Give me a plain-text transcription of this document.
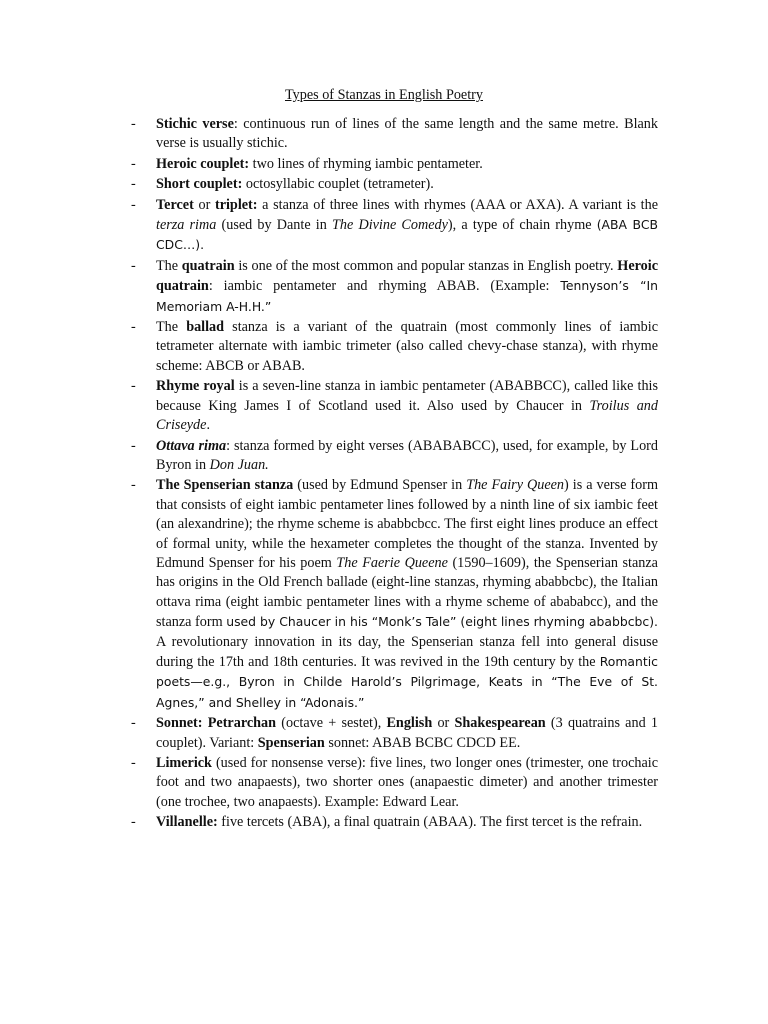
Types of Stanzas in English Poetry
- Stichic verse: continuous run of lines of the same length and the same metre. Blank verse is usually stichic.
- Heroic couplet: two lines of rhyming iambic pentameter.
- Short couplet: octosyllabic couplet (tetrameter).
- Tercet or triplet: a stanza of three lines with rhymes (AAA or AXA). A variant is the terza rima (used by Dante in The Divine Comedy), a type of chain rhyme (ABA BCB CDC…).
- The quatrain is one of the most common and popular stanzas in English poetry. Heroic quatrain: iambic pentameter and rhyming ABAB. (Example: Tennyson’s “In Memoriam A-H.H.”
- The ballad stanza is a variant of the quatrain (most commonly lines of iambic tetrameter alternate with iambic trimeter (also called chevy-chase stanza), with rhyme scheme: ABCB or ABAB.
- Rhyme royal is a seven-line stanza in iambic pentameter (ABABBCC), called like this because King James I of Scotland used it. Also used by Chaucer in Troilus and Criseyde.
- Ottava rima: stanza formed by eight verses (ABABABCC), used, for example, by Lord Byron in Don Juan.
- The Spenserian stanza (used by Edmund Spenser in The Fairy Queen) is a verse form that consists of eight iambic pentameter lines followed by a ninth line of six iambic feet (an alexandrine); the rhyme scheme is ababbcbcc. The first eight lines produce an effect of formal unity, while the hexameter completes the thought of the stanza. Invented by Edmund Spenser for his poem The Faerie Queene (1590–1609), the Spenserian stanza has origins in the Old French ballade (eight-line stanzas, rhyming ababbcbc), the Italian ottava rima (eight iambic pentameter lines with a rhyme scheme of abababcc), and the stanza form used by Chaucer in his “Monk’s Tale” (eight lines rhyming ababbcbc). A revolutionary innovation in its day, the Spenserian stanza fell into general disuse during the 17th and 18th centuries. It was revived in the 19th century by the Romantic poets—e.g., Byron in Childe Harold’s Pilgrimage, Keats in “The Eve of St. Agnes,” and Shelley in “Adonais.”
- Sonnet: Petrarchan (octave + sestet), English or Shakespearean (3 quatrains and 1 couplet). Variant: Spenserian sonnet: ABAB BCBC CDCD EE.
- Limerick (used for nonsense verse): five lines, two longer ones (trimester, one trochaic foot and two anapaests), two shorter ones (anapaestic dimeter) and another trimester (one trochee, two anapaests). Example: Edward Lear.
- Villanelle: five tercets (ABA), a final quatrain (ABAA). The first tercet is the refrain.
